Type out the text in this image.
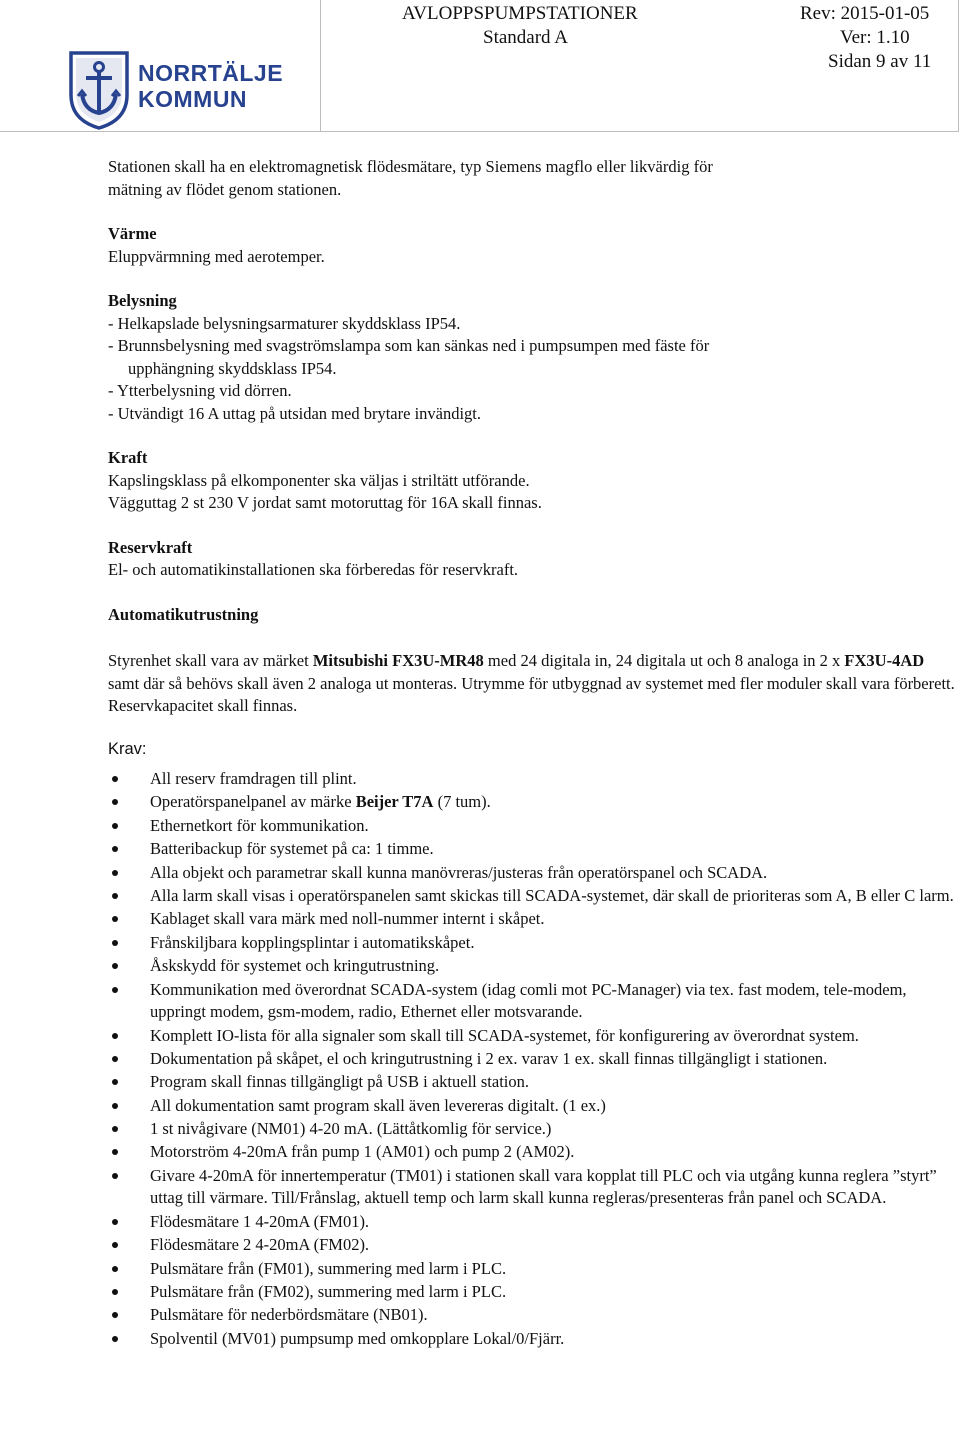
NORRTÄLJE
KOMMUN
AVLOPPSPUMPSTATIONER	Rev: 2015-01-05
Standard A	Ver: 1.10
Sidan 9 av 11

Stationen skall ha en elektromagnetisk flödesmätare, typ Siemens magflo eller likvärdig för

mätning av flödet genom stationen.

Värme

Eluppvärmning med aerotemper.

Belysning

- Helkapslade belysningsarmaturer skyddsklass IP54.

- Brunnsbelysning med svagströmslampa som kan sänkas ned i pumpsumpen med fäste för

upphängning skyddsklass IP54.

- Ytterbelysning vid dörren.

- Utvändigt 16 A uttag på utsidan med brytare invändigt.

Kraft

Kapslingsklass på elkomponenter ska väljas i striltätt utförande.

Vägguttag 2 st 230 V jordat samt motoruttag för 16A skall finnas.

Reservkraft

El- och automatikinstallationen ska förberedas för reservkraft.

Automatikutrustning

Styrenhet skall vara av märket Mitsubishi FX3U-MR48 med 24 digitala in, 24 digitala ut och 8 analoga in 2 x FX3U-4AD samt där så behövs skall även 2 analoga ut monteras. Utrymme för utbyggnad av systemet med fler moduler skall vara förberett.

Reservkapacitet skall finnas.

Krav:

All reserv framdragen till plint.
Operatörspanelpanel av märke Beijer T7A (7 tum).
Ethernetkort för kommunikation.
Batteribackup för systemet på ca: 1 timme.
Alla objekt och parametrar skall kunna manövreras/justeras från operatörspanel och SCADA.
Alla larm skall visas i operatörspanelen samt skickas till SCADA-systemet, där skall de prioriteras som A, B eller C larm.
Kablaget skall vara märk med noll-nummer internt i skåpet.
Frånskiljbara kopplingsplintar i automatikskåpet.
Åskskydd för systemet och kringutrustning.
Kommunikation med överordnat SCADA-system (idag comli mot PC-Manager) via tex. fast modem, tele-modem, uppringt modem, gsm-modem, radio, Ethernet eller motsvarande.
Komplett IO-lista för alla signaler som skall till SCADA-systemet, för konfigurering av överordnat system.
Dokumentation på skåpet, el och kringutrustning i 2 ex. varav 1 ex. skall finnas tillgängligt i stationen.
Program skall finnas tillgängligt på USB i aktuell station.
All dokumentation samt program skall även levereras digitalt. (1 ex.)
1 st nivågivare (NM01) 4-20 mA. (Lättåtkomlig för service.)
Motorström 4-20mA från pump 1 (AM01) och pump 2 (AM02).
Givare 4-20mA för innertemperatur (TM01) i stationen skall vara kopplat till PLC och via utgång kunna reglera ”styrt” uttag till värmare. Till/Frånslag, aktuell temp och larm skall kunna regleras/presenteras från panel och SCADA.
Flödesmätare 1 4-20mA (FM01).
Flödesmätare 2 4-20mA (FM02).
Pulsmätare från (FM01), summering med larm i PLC.
Pulsmätare från (FM02), summering med larm i PLC.
Pulsmätare för nederbördsmätare (NB01).
Spolventil (MV01) pumpsump med omkopplare Lokal/0/Fjärr.
